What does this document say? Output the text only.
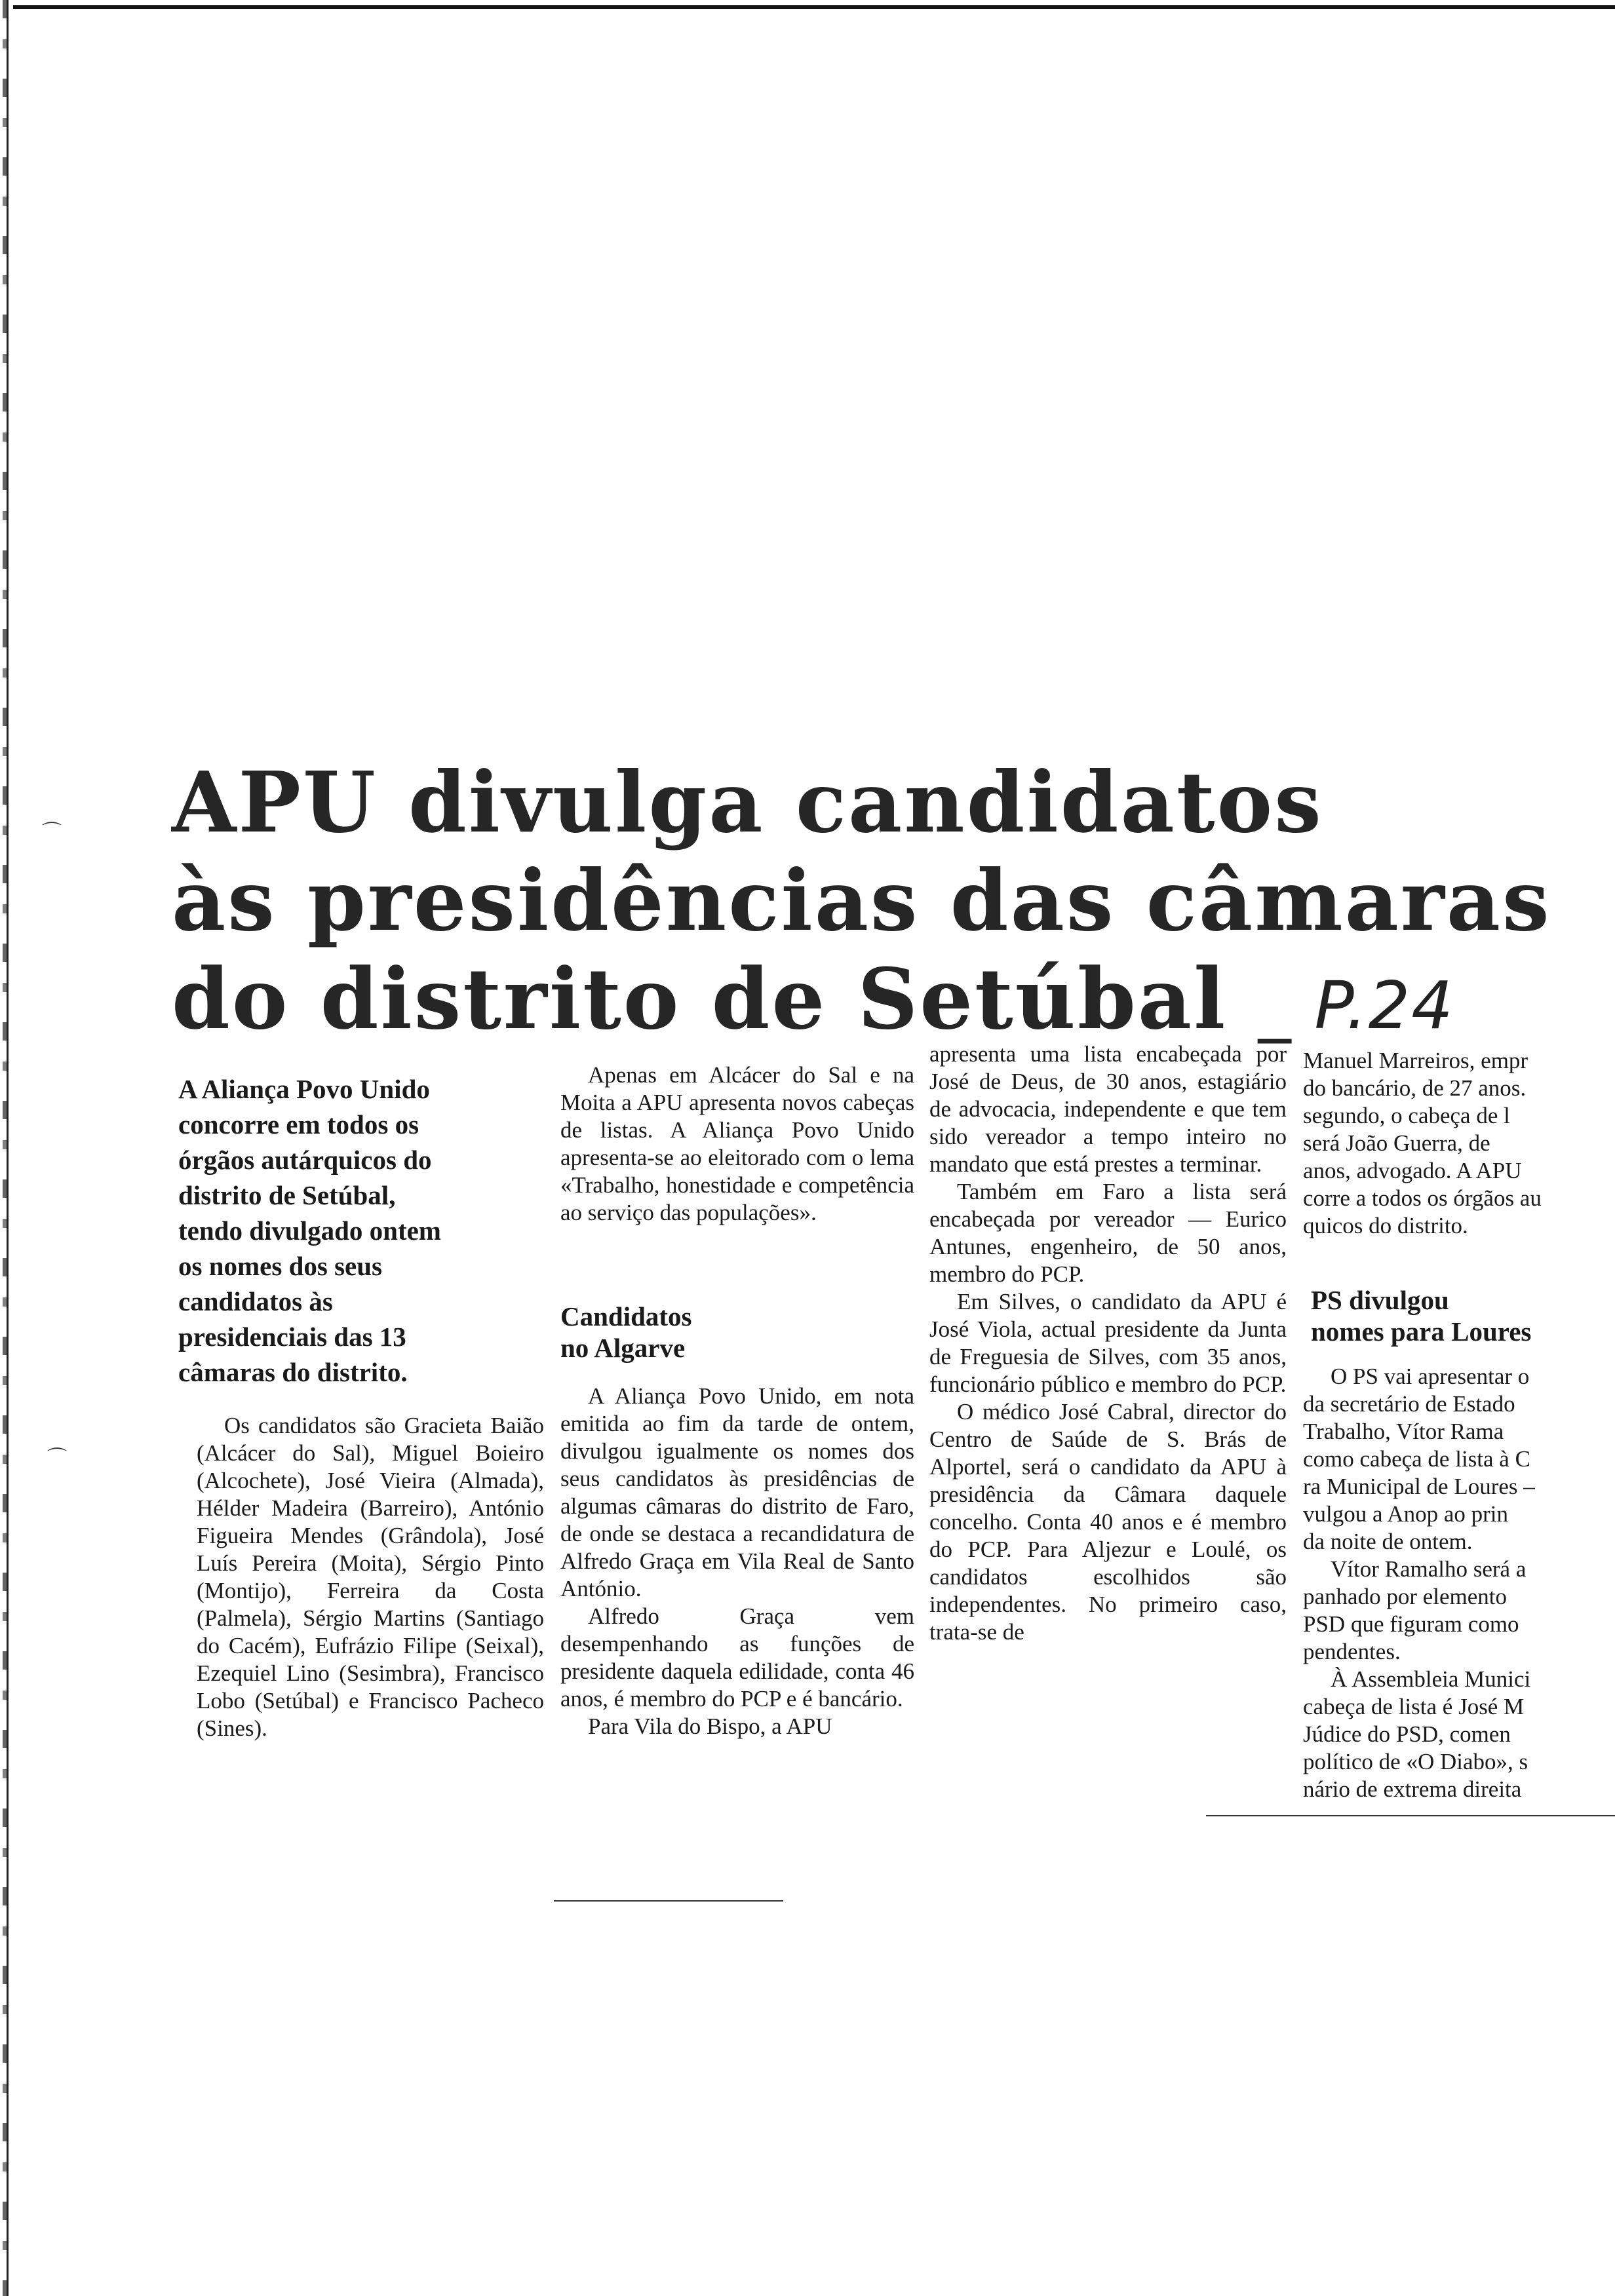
APU divulga candidatos
às presidências das câmaras
do distrito de Setúbal _ P.24
A Aliança Povo Unido
concorre em todos os
órgãos autárquicos do
distrito de Setúbal,
tendo divulgado ontem
os nomes dos seus
candidatos às
presidenciais das 13
câmaras do distrito.

Os candidatos são Gracieta Baião (Alcácer do Sal), Miguel Boieiro (Alcochete), José Vieira (Almada), Hélder Madeira (Barreiro), António Figueira Mendes (Grândola), José Luís Pereira (Moita), Sérgio Pinto (Montijo), Ferreira da Costa (Palmela), Sérgio Martins (Santiago do Cacém), Eufrázio Filipe (Seixal), Ezequiel Lino (Sesimbra), Francisco Lobo (Setúbal) e Francisco Pacheco (Sines).

Apenas em Alcácer do Sal e na Moita a APU apresenta novos cabeças de listas. A Aliança Povo Unido apresenta-se ao eleitorado com o lema «Trabalho, honestidade e competência ao serviço das populações».

Candidatos

no Algarve

A Aliança Povo Unido, em nota emitida ao fim da tarde de ontem, divulgou igualmente os nomes dos seus candidatos às presidências de algumas câmaras do distrito de Faro, de onde se destaca a recandidatura de Alfredo Graça em Vila Real de Santo António.

Alfredo Graça vem desempenhando as funções de presidente daquela edilidade, conta 46 anos, é membro do PCP e é bancário.

Para Vila do Bispo, a APU

apresenta uma lista encabeçada por José de Deus, de 30 anos, estagiário de advocacia, independente e que tem sido vereador a tempo inteiro no mandato que está prestes a terminar.

Também em Faro a lista será encabeçada por vereador — Eurico Antunes, engenheiro, de 50 anos, membro do PCP.

Em Silves, o candidato da APU é José Viola, actual presidente da Junta de Freguesia de Silves, com 35 anos, funcionário público e membro do PCP.

O médico José Cabral, director do Centro de Saúde de S. Brás de Alportel, será o candidato da APU à presidência da Câmara daquele concelho. Conta 40 anos e é membro do PCP. Para Aljezur e Loulé, os candidatos escolhidos são independentes. No primeiro caso, trata-se de

Manuel Marreiros, empr
do bancário, de 27 anos.
segundo, o cabeça de l
será João Guerra, de
anos, advogado. A APU
corre a todos os órgãos au
quicos do distrito.

PS divulgou

nomes para Loures

O PS vai apresentar o
da secretário de Estado
Trabalho, Vítor Rama
como cabeça de lista à C
ra Municipal de Loures –
vulgou a Anop ao prin
da noite de ontem.
Vítor Ramalho será a
panhado por elemento
PSD que figuram como
pendentes.
À Assembleia Munici
cabeça de lista é José M
Júdice do PSD, comen
político de «O Diabo», s
nário de extrema direita
⌒
⌒
